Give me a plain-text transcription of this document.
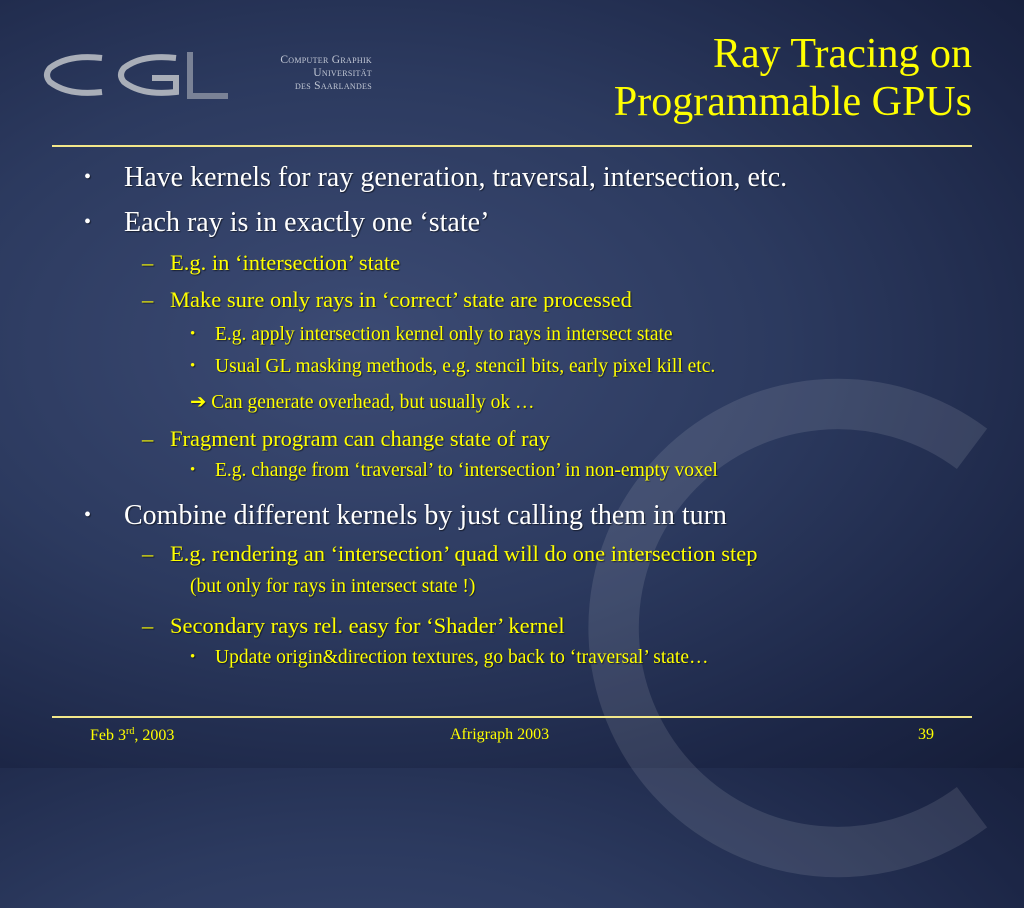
Computer Graphik
Universität
des Saarlandes
Ray Tracing on
Programmable GPUs
• Have kernels for ray generation, traversal, intersection, etc.
• Each ray is in exactly one ‘state’
– E.g. in ‘intersection’ state
– Make sure only rays in ‘correct’ state are processed
• E.g. apply intersection kernel only to rays in intersect state
• Usual GL masking methods, e.g. stencil bits, early pixel kill etc.
➔ Can generate overhead, but usually ok …
– Fragment program can change state of ray
• E.g. change from ‘traversal’ to ‘intersection’ in non-empty voxel
• Combine different kernels by just calling them in turn
– E.g. rendering an ‘intersection’ quad will do one intersection step
(but only for rays in intersect state !)
– Secondary rays rel. easy for ‘Shader’ kernel
• Update origin&direction textures, go back to ‘traversal’ state…
Feb 3rd, 2003	Afrigraph 2003	39
